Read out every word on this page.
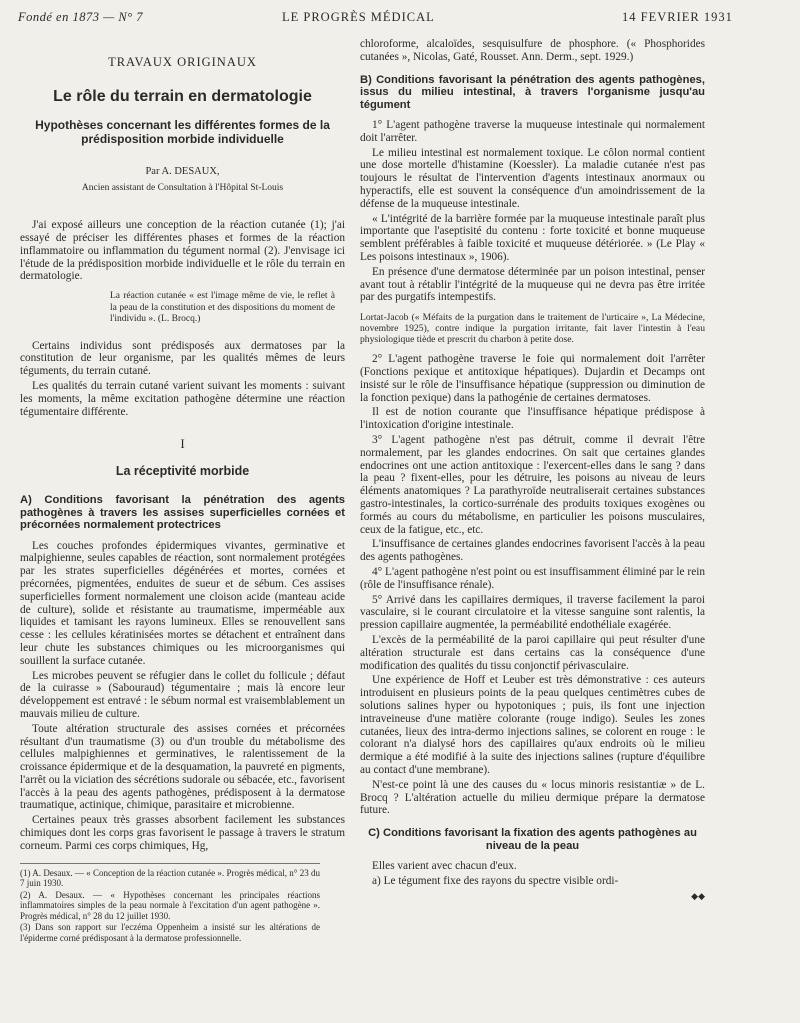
Fondé en 1873 — N° 7	LE PROGRÈS MÉDICAL	14 FEVRIER 1931
TRAVAUX ORIGINAUX
Le rôle du terrain en dermatologie
Hypothèses concernant les différentes formes de la prédisposition morbide individuelle
Par A. DESAUX,
Ancien assistant de Consultation à l'Hôpital St-Louis

J'ai exposé ailleurs une conception de la réaction cutanée (1); j'ai essayé de préciser les différentes phases et formes de la réaction inflammatoire ou inflammation du tégument normal (2). J'envisage ici l'étude de la prédisposition morbide individuelle et le rôle du terrain en dermatologie.

La réaction cutanée « est l'image même de vie, le reflet à la peau de la constitution et des dispositions du moment de l'individu ». (L. Brocq.)

Certains individus sont prédisposés aux dermatoses par la constitution de leur organisme, par les qualités mêmes de leurs téguments, du terrain cutané.

Les qualités du terrain cutané varient suivant les moments : suivant les moments, la même excitation pathogène détermine une réaction tégumentaire différente.

I
La réceptivité morbide
A) Conditions favorisant la pénétration des agents pathogènes à travers les assises superficielles cornées et précornées normalement protectrices

Les couches profondes épidermiques vivantes, germinative et malpighienne, seules capables de réaction, sont normalement protégées par les strates superficielles dégénérées et mortes, cornées et précornées, pigmentées, enduites de sueur et de sébum. Ces assises superficielles forment normalement une cloison acide (manteau acide de culture), solide et résistante au traumatisme, imperméable aux liquides et tamisant les rayons lumineux. Elles se renouvellent sans cesse : les cellules kératinisées mortes se détachent et entraînent dans leur chute les substances chimiques ou les microorganismes qui souillent la surface cutanée.

Les microbes peuvent se réfugier dans le collet du follicule ; défaut de la cuirasse » (Sabouraud) tégumentaire ; mais là encore leur développement est entravé : le sébum normal est vraisemblablement un mauvais milieu de culture.

Toute altération structurale des assises cornées et précornées résultant d'un traumatisme (3) ou d'un trouble du métabolisme des cellules malpighiennes et germinatives, le ralentissement de la croissance épidermique et de la desquamation, la pauvreté en pigments, l'arrêt ou la viciation des sécrétions sudorale ou sébacée, etc., favorisent l'accès à la peau des agents pathogènes, prédisposent à la dermatose traumatique, actinique, chimique, parasitaire et microbienne.

Certaines peaux très grasses absorbent facilement les substances chimiques dont les corps gras favorisent le passage à travers le stratum corneum. Parmi ces corps chimiques, Hg,

(1) A. Desaux. — « Conception de la réaction cutanée ». Progrès médical, n° 23 du 7 juin 1930.

(2) A. Desaux. — « Hypothèses concernant les principales réactions inflammatoires simples de la peau normale à l'excitation d'un agent pathogène ». Progrès médical, n° 28 du 12 juillet 1930.

(3) Dans son rapport sur l'eczéma Oppenheim a insisté sur les altérations de l'épiderme corné prédisposant à la dermatose professionnelle.

chloroforme, alcaloïdes, sesquisulfure de phosphore. (« Phosphorides cutanées », Nicolas, Gaté, Rousset. Ann. Derm., sept. 1929.)

B) Conditions favorisant la pénétration des agents pathogènes, issus du milieu intestinal, à travers l'organisme jusqu'au tégument

1° L'agent pathogène traverse la muqueuse intestinale qui normalement doit l'arrêter.

Le milieu intestinal est normalement toxique. Le côlon normal contient une dose mortelle d'histamine (Koessler). La maladie cutanée n'est pas toujours le résultat de l'intervention d'agents intestinaux anormaux ou hyperactifs, elle est souvent la conséquence d'un amoindrissement de la défense de la muqueuse intestinale.

« L'intégrité de la barrière formée par la muqueuse intestinale paraît plus importante que l'aseptisité du contenu : forte toxicité et bonne muqueuse semblent préférables à faible toxicité et muqueuse détériorée. » (Le Play « Les poisons intestinaux », 1906).

En présence d'une dermatose déterminée par un poison intestinal, penser avant tout à rétablir l'intégrité de la muqueuse qui ne devra pas être irritée par des purgatifs intempestifs.

Lortat-Jacob (« Méfaits de la purgation dans le traitement de l'urticaire », La Médecine, novembre 1925), contre indique la purgation irritante, fait laver l'intestin à l'eau physiologique tiède et prescrit du charbon à petite dose.

2° L'agent pathogène traverse le foie qui normalement doit l'arrêter (Fonctions pexique et antitoxique hépatiques). Dujardin et Decamps ont insisté sur le rôle de l'insuffisance hépatique (suppression ou diminution de la fonction pexique) dans la pathogénie de certaines dermatoses.

Il est de notion courante que l'insuffisance hépatique prédispose à l'intoxication d'origine intestinale.

3° L'agent pathogène n'est pas détruit, comme il devrait l'être normalement, par les glandes endocrines. On sait que certaines glandes endocrines ont une action antitoxique : l'exercent-elles dans le sang ? dans la peau ? fixent-elles, pour les détruire, les poisons au niveau de leurs éléments anatomiques ? La parathyroïde neutraliserait certaines substances gastro-intestinales, la cortico-surrénale des produits toxiques exogènes ou formés au cours du métabolisme, en particulier les poisons musculaires, ceux de la fatigue, etc., etc.

L'insuffisance de certaines glandes endocrines favorisent l'accès à la peau des agents pathogènes.

4° L'agent pathogène n'est point ou est insuffisamment éliminé par le rein (rôle de l'insuffisance rénale).

5° Arrivé dans les capillaires dermiques, il traverse facilement la paroi vasculaire, si le courant circulatoire et la vitesse sanguine sont ralentis, la pression capillaire augmentée, la perméabilité endothéliale exagérée.

L'excès de la perméabilité de la paroi capillaire qui peut résulter d'une altération structurale est dans certains cas la conséquence d'une modification des qualités du tissu conjonctif périvasculaire.

Une expérience de Hoff et Leuber est très démonstrative : ces auteurs introduisent en plusieurs points de la peau quelques centimètres cubes de solutions salines hyper ou hypotoniques ; puis, ils font une injection intraveineuse d'une matière colorante (rouge indigo). Seules les zones cutanées, lieux des intra-dermo injections salines, se colorent en rouge : le colorant n'a dialysé hors des capillaires qu'aux endroits où le milieu dermique a été modifié à la suite des injections salines (rupture d'équilibre au contact d'une membrane).

N'est-ce point là une des causes du « locus minoris resistantiæ » de L. Brocq ? L'altération actuelle du milieu dermique prépare la dermatose future.

C) Conditions favorisant la fixation des agents pathogènes au niveau de la peau

Elles varient avec chacun d'eux.

a) Le tégument fixe des rayons du spectre visible ordi-

◆◆
